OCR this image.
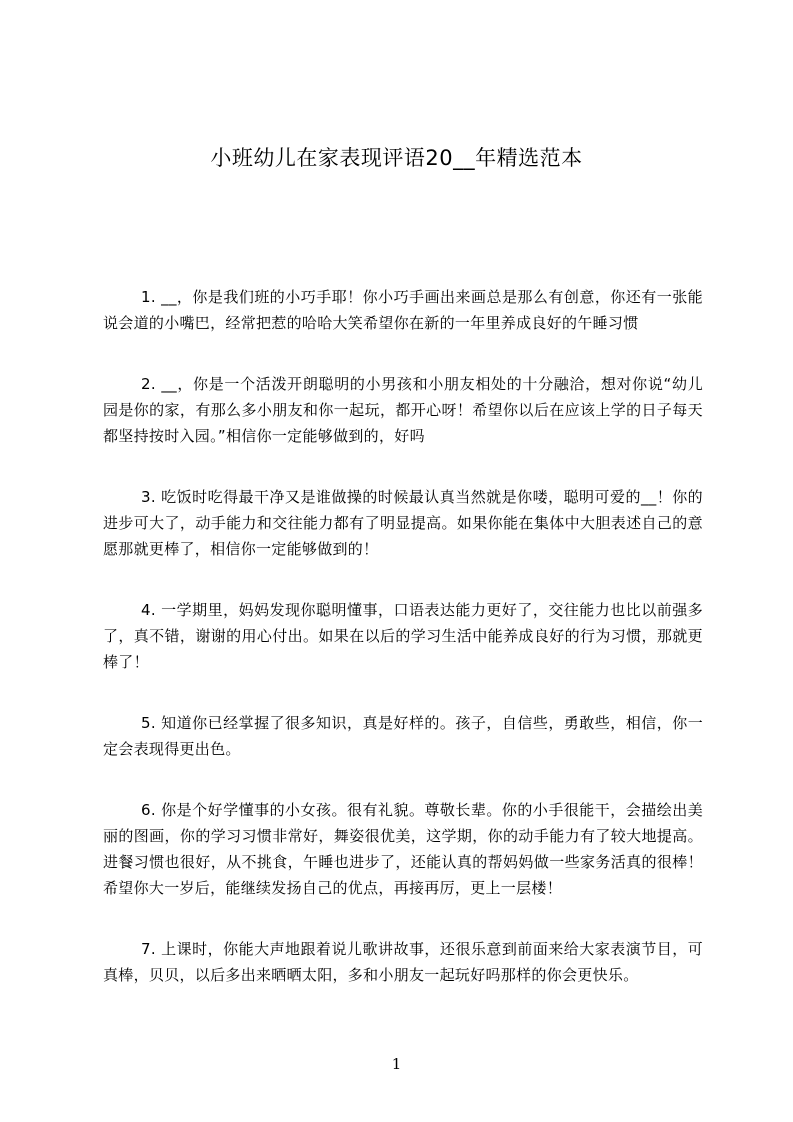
小班幼儿在家表现评语20__年精选范本

1. __，你是我们班的小巧手耶！你小巧手画出来画总是那么有创意，你还有一张能说会道的小嘴巴，经常把惹的哈哈大笑希望你在新的一年里养成良好的午睡习惯

2. __，你是一个活泼开朗聪明的小男孩和小朋友相处的十分融洽，想对你说“幼儿园是你的家，有那么多小朋友和你一起玩，都开心呀！希望你以后在应该上学的日子每天都坚持按时入园。”相信你一定能够做到的，好吗

3. 吃饭时吃得最干净又是谁做操的时候最认真当然就是你喽，聪明可爱的__！你的进步可大了，动手能力和交往能力都有了明显提高。如果你能在集体中大胆表述自己的意愿那就更棒了，相信你一定能够做到的！

4. 一学期里，妈妈发现你聪明懂事，口语表达能力更好了，交往能力也比以前强多了，真不错，谢谢的用心付出。如果在以后的学习生活中能养成良好的行为习惯，那就更棒了！

5. 知道你已经掌握了很多知识，真是好样的。孩子，自信些，勇敢些，相信，你一定会表现得更出色。

6. 你是个好学懂事的小女孩。很有礼貌。尊敬长辈。你的小手很能干，会描绘出美丽的图画，你的学习习惯非常好，舞姿很优美，这学期，你的动手能力有了较大地提高。进餐习惯也很好，从不挑食，午睡也进步了，还能认真的帮妈妈做一些家务活真的很棒！希望你大一岁后，能继续发扬自己的优点，再接再厉，更上一层楼！

7. 上课时，你能大声地跟着说儿歌讲故事，还很乐意到前面来给大家表演节目，可真棒，贝贝，以后多出来晒晒太阳，多和小朋友一起玩好吗那样的你会更快乐。

1
